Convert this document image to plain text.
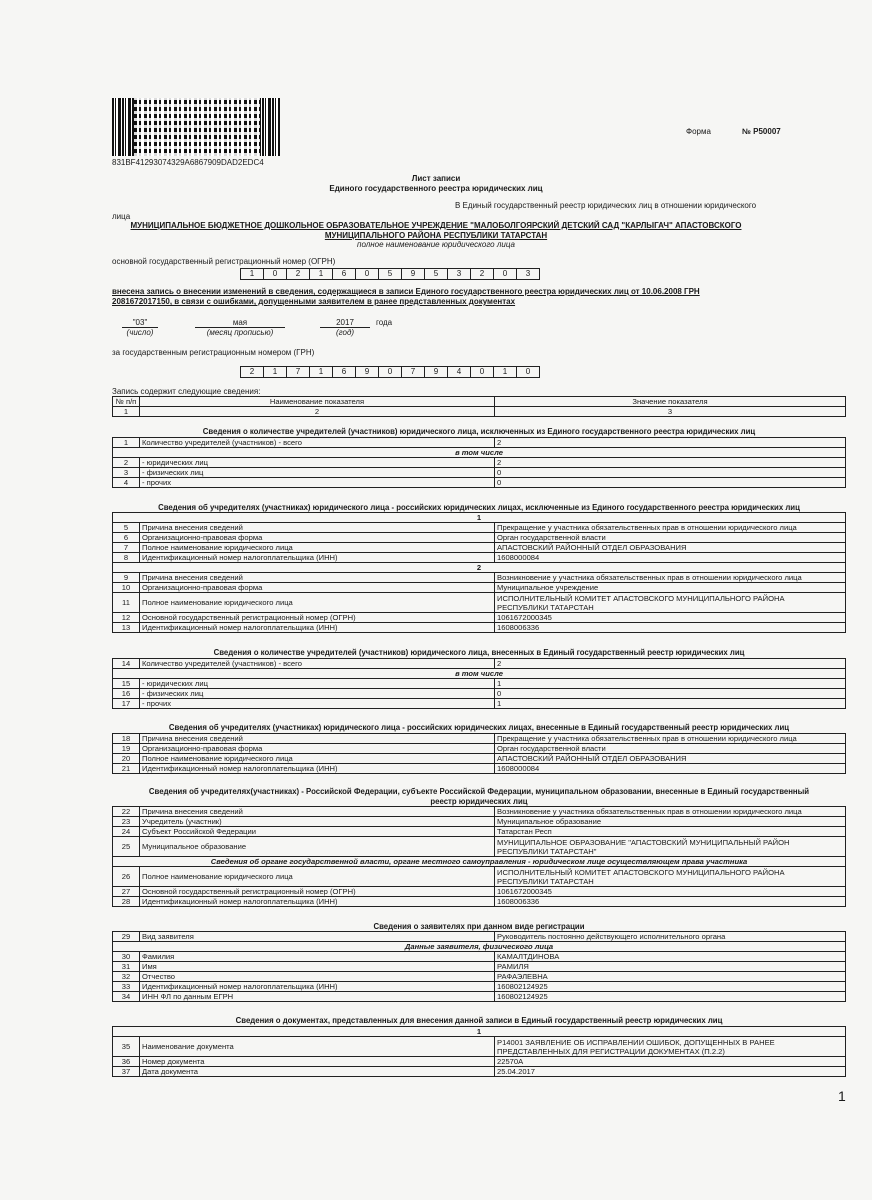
831BF41293074329A6867909DAD2EDC4
Форма	№ Р50007
Лист записи
Единого государственного реестра юридических лиц
В Единый государственный реестр юридических лиц в отношении юридического
лица
МУНИЦИПАЛЬНОЕ БЮДЖЕТНОЕ ДОШКОЛЬНОЕ ОБРАЗОВАТЕЛЬНОЕ УЧРЕЖДЕНИЕ "МАЛОБОЛГОЯРСКИЙ ДЕТСКИЙ САД "КАРЛЫГАЧ" АПАСТОВСКОГО
МУНИЦИПАЛЬНОГО РАЙОНА РЕСПУБЛИКИ ТАТАРСТАН
полное наименование юридического лица
основной государственный регистрационный номер (ОГРН)
1	0	2	1	6	0	5	9	5	3	2	0	3
внесена запись о внесении изменений в сведения, содержащиеся в записи Единого государственного реестра юридических лиц от 10.06.2008 ГРН
2081672017150, в связи с ошибками, допущенными заявителем в ранее представленных документах
"03"	мая	2017	года
(число)	(месяц прописью)	(год)
за государственным регистрационным номером (ГРН)
2	1	7	1	6	9	0	7	9	4	0	1	0
Запись содержит следующие сведения:
№ п/п	Наименование показателя	Значение показателя
1	2	3
Сведения о количестве учредителей (участников) юридического лица, исключенных из Единого государственного реестра юридических лиц
1	Количество учредителей (участников) - всего	2
в том числе		
2	- юридических лиц	2
3	- физических лиц	0
4	- прочих	0
Сведения об учредителях (участниках) юридического лица - российских юридических лицах, исключенные из Единого государственного реестра юридических лиц
1		
5	Причина внесения сведений	Прекращение у участника обязательственных прав в отношении юридического лица
6	Организационно-правовая форма	Орган государственной власти
7	Полное наименование юридического лица	АПАСТОВСКИЙ РАЙОННЫЙ ОТДЕЛ ОБРАЗОВАНИЯ
8	Идентификационный номер налогоплательщика (ИНН)	1608000084
2		
9	Причина внесения сведений	Возникновение у участника обязательственных прав в отношении юридического лица
10	Организационно-правовая форма	Муниципальное учреждение
11	Полное наименование юридического лица	ИСПОЛНИТЕЛЬНЫЙ КОМИТЕТ АПАСТОВСКОГО МУНИЦИПАЛЬНОГО РАЙОНА
РЕСПУБЛИКИ ТАТАРСТАН

12	Основной государственный регистрационный номер (ОГРН)	1061672000345
13	Идентификационный номер налогоплательщика (ИНН)	1608006336
Сведения о количестве учредителей (участников) юридического лица, внесенных в Единый государственный реестр юридических лиц
14	Количество учредителей (участников) - всего	2
в том числе		
15	- юридических лиц	1
16	- физических лиц	0
17	- прочих	1
Сведения об учредителях (участниках) юридического лица - российских юридических лицах, внесенные в Единый государственный реестр юридических лиц
18	Причина внесения сведений	Прекращение у участника обязательственных прав в отношении юридического лица
19	Организационно-правовая форма	Орган государственной власти
20	Полное наименование юридического лица	АПАСТОВСКИЙ РАЙОННЫЙ ОТДЕЛ ОБРАЗОВАНИЯ
21	Идентификационный номер налогоплательщика (ИНН)	1608000084
Сведения об учредителях(участниках) - Российской Федерации, субъекте Российской Федерации, муниципальном образовании, внесенные в Единый государственный
реестр юридических лиц
22	Причина внесения сведений	Возникновение у участника обязательственных прав в отношении юридического лица
23	Учредитель (участник)	Муниципальное образование
24	Субъект Российской Федерации	Татарстан Респ
25	Муниципальное образование	МУНИЦИПАЛЬНОЕ ОБРАЗОВАНИЕ "АПАСТОВСКИЙ МУНИЦИПАЛЬНЫЙ РАЙОН
РЕСПУБЛИКИ ТАТАРСТАН"

Сведения об органе государственной власти, органе местного самоуправления - юридическом лице осуществляющем права участника		
26	Полное наименование юридического лица	ИСПОЛНИТЕЛЬНЫЙ КОМИТЕТ АПАСТОВСКОГО МУНИЦИПАЛЬНОГО РАЙОНА
РЕСПУБЛИКИ ТАТАРСТАН

27	Основной государственный регистрационный номер (ОГРН)	1061672000345
28	Идентификационный номер налогоплательщика (ИНН)	1608006336
Сведения о заявителях при данном виде регистрации
29	Вид заявителя	Руководитель постоянно действующего исполнительного органа
Данные заявителя, физического лица		
30	Фамилия	КАМАЛТДИНОВА
31	Имя	РАМИЛЯ
32	Отчество	РАФАЭЛЕВНА
33	Идентификационный номер налогоплательщика (ИНН)	160802124925
34	ИНН ФЛ по данным ЕГРН	160802124925
Сведения о документах, представленных для внесения данной записи в Единый государственный реестр юридических лиц
1		
35	Наименование документа	Р14001 ЗАЯВЛЕНИЕ ОБ ИСПРАВЛЕНИИ ОШИБОК, ДОПУЩЕННЫХ В РАНЕЕ
ПРЕДСТАВЛЕННЫХ ДЛЯ РЕГИСТРАЦИИ ДОКУМЕНТАХ (П.2.2)

36	Номер документа	22570А
37	Дата документа	25.04.2017
1
